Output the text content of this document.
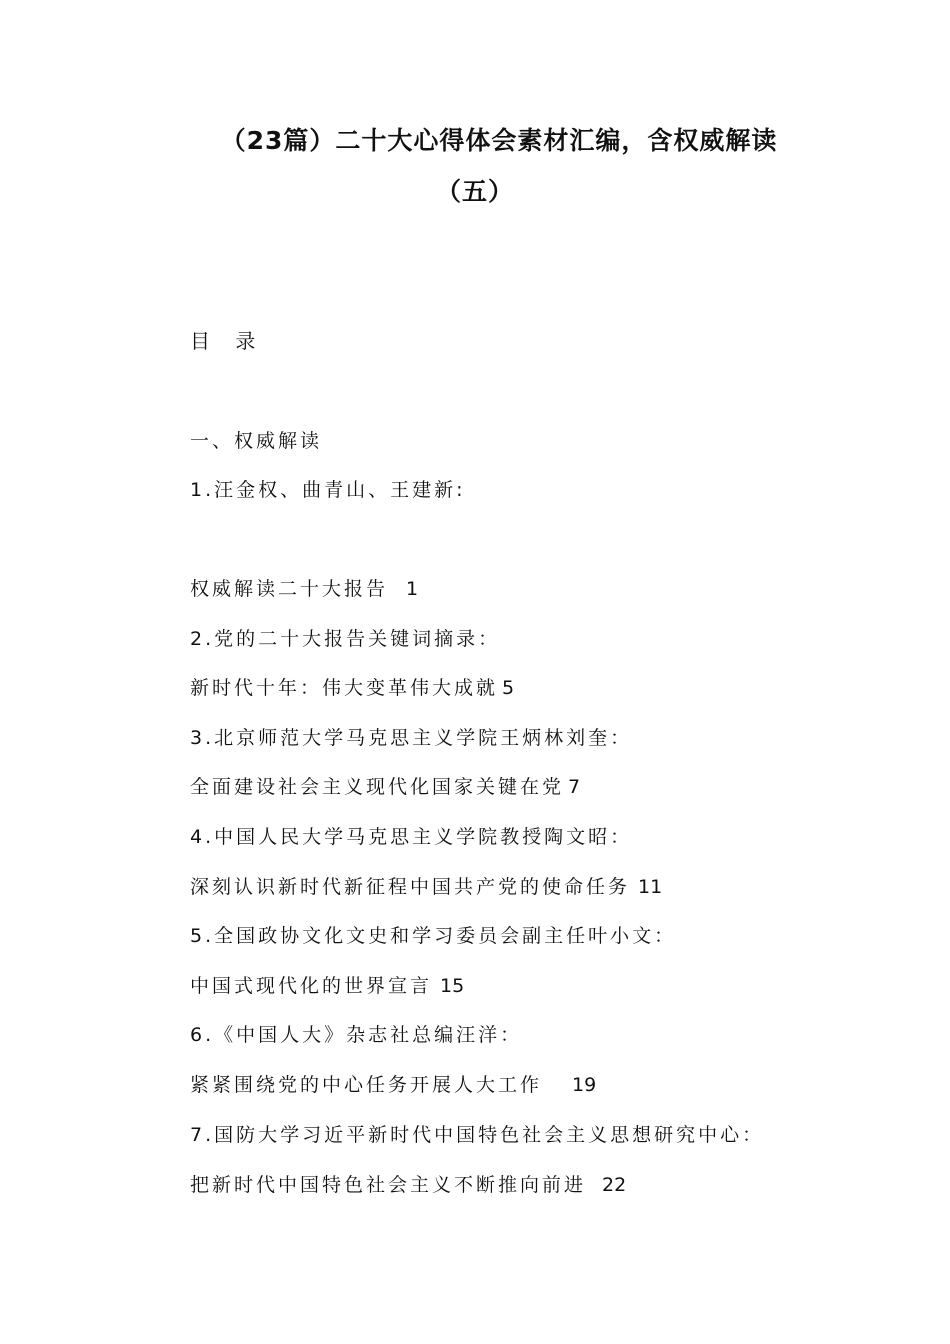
（23篇）二十大心得体会素材汇编，含权威解读
（五）
目    录
一、权威解读
1.汪金权、曲青山、王建新:
权威解读二十大报告 1
2.党的二十大报告关键词摘录：
新时代十年：伟大变革伟大成就 5
3.北京师范大学马克思主义学院王炳林刘奎：
全面建设社会主义现代化国家关键在党 7
4.中国人民大学马克思主义学院教授陶文昭：
深刻认识新时代新征程中国共产党的使命任务 11
5.全国政协文化文史和学习委员会副主任叶小文：
中国式现代化的世界宣言 15
6.《中国人大》杂志社总编汪洋：
紧紧围绕党的中心任务开展人大工作 19
7.国防大学习近平新时代中国特色社会主义思想研究中心：
把新时代中国特色社会主义不断推向前进 22
